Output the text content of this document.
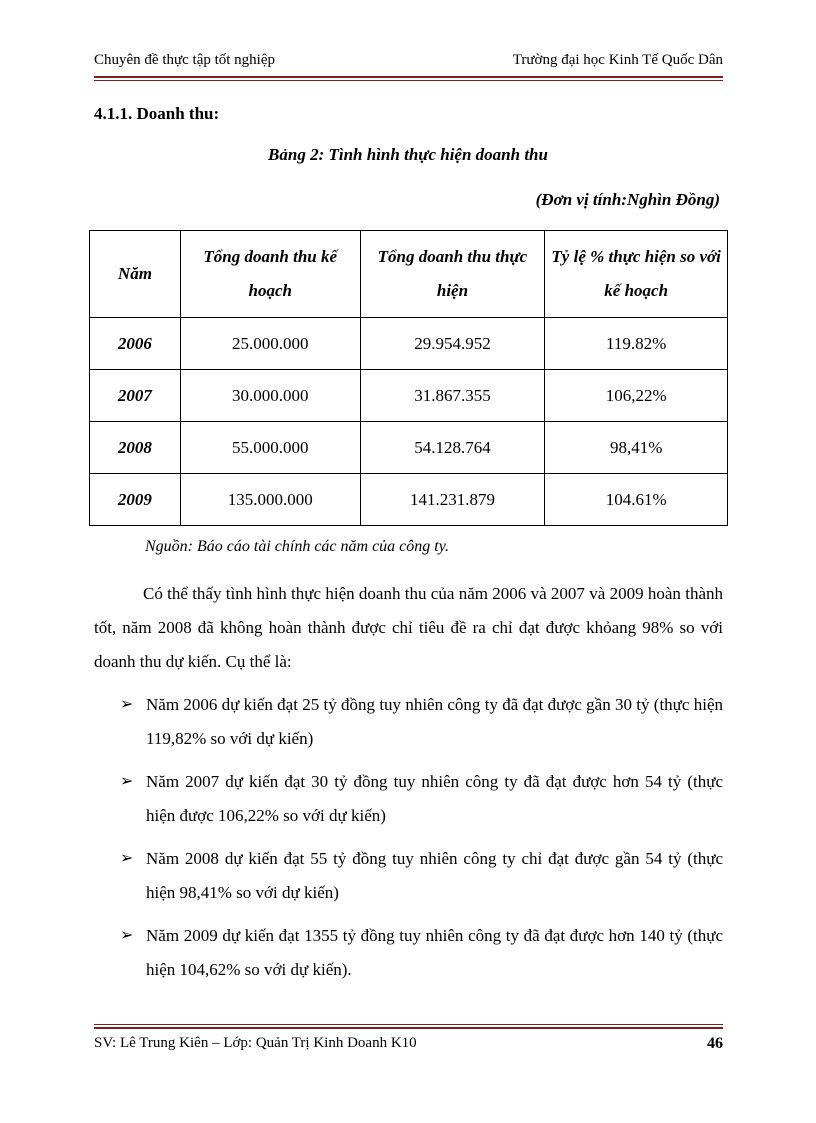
Chuyên đề thực tập tốt nghiệp	Trường đại học Kinh Tế Quốc Dân
4.1.1. Doanh thu:
Bảng 2: Tình hình thực hiện doanh thu
(Đơn vị tính:Nghìn Đồng)
Năm	Tổng doanh thu kế hoạch	Tổng doanh thu thực hiện	Tỷ lệ % thực hiện so với kế hoạch
2006	25.000.000	29.954.952	119.82%
2007	30.000.000	31.867.355	106,22%
2008	55.000.000	54.128.764	98,41%
2009	135.000.000	141.231.879	104.61%
Nguồn: Báo cáo tài chính các năm của công ty.

Có thể thấy tình hình thực hiện doanh thu của năm 2006 và 2007 và 2009 hoàn thành tốt, năm 2008 đã không hoàn thành được chỉ tiêu đề ra chỉ đạt được khỏang 98% so với doanh thu dự kiến. Cụ thể là:

➢ Năm 2006 dự kiến đạt 25 tỷ đồng tuy nhiên công ty đã đạt được gần 30 tỷ (thực hiện 119,82% so với dự kiến)
➢ Năm 2007 dự kiến đạt 30 tỷ đồng tuy nhiên công ty đã đạt được hơn 54 tỷ (thực hiện được 106,22% so với dự kiến)
➢ Năm 2008 dự kiến đạt 55 tỷ đồng tuy nhiên công ty chỉ đạt được gần 54 tỷ (thực hiện 98,41% so với dự kiến)
➢ Năm 2009 dự kiến đạt 1355 tỷ đồng tuy nhiên công ty đã đạt được hơn 140 tỷ (thực hiện 104,62% so với dự kiến).
SV: Lê Trung Kiên – Lớp: Quản Trị Kinh Doanh K10	46
